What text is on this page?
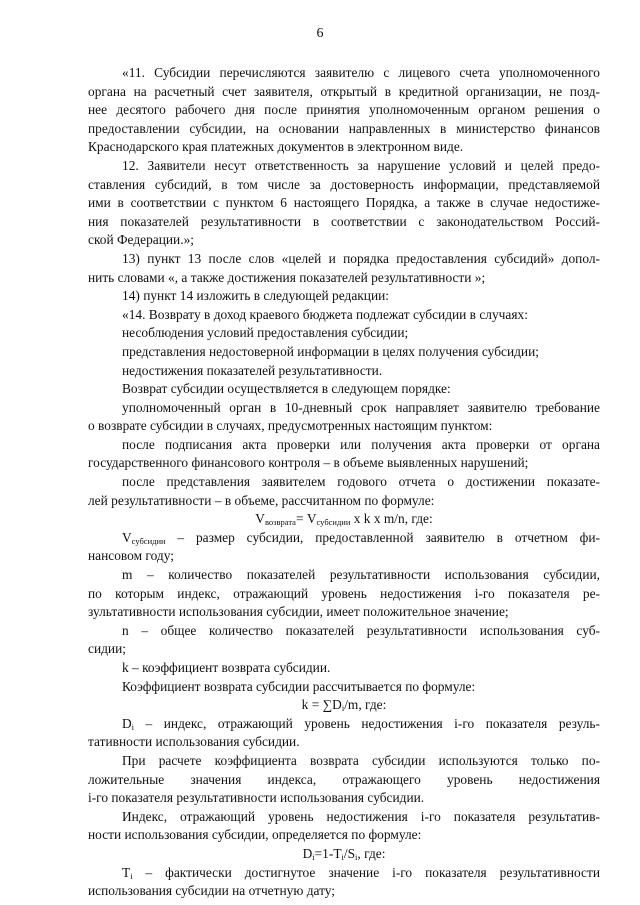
6
«11. Субсидии перечисляются заявителю с лицевого счета уполномоченного
органа на расчетный счет заявителя, открытый в кредитной организации, не позд-
нее десятого рабочего дня после принятия уполномоченным органом решения о
предоставлении субсидии, на основании направленных в министерство финансов
Краснодарского края платежных документов в электронном виде.
12. Заявители несут ответственность за нарушение условий и целей предо-
ставления субсидий, в том числе за достоверность информации, представляемой
ими в соответствии с пунктом 6 настоящего Порядка, а также в случае недостиже-
ния показателей результативности в соответствии с законодательством Россий-
ской Федерации.»;
13) пункт 13 после слов «целей и порядка предоставления субсидий» допол-
нить словами «, а также достижения показателей результативности »;
14) пункт 14 изложить в следующей редакции:
«14. Возврату в доход краевого бюджета подлежат субсидии в случаях:
несоблюдения условий предоставления субсидии;
представления недостоверной информации в целях получения субсидии;
недостижения показателей результативности.
Возврат субсидии осуществляется в следующем порядке:
уполномоченный орган в 10-дневный срок направляет заявителю требование
о возврате субсидии в случаях, предусмотренных настоящим пунктом:
после подписания акта проверки или получения акта проверки от органа
государственного финансового контроля – в объеме выявленных нарушений;
после представления заявителем годового отчета о достижении показате-
лей результативности – в объеме, рассчитанном по формуле:
$V_{возврата}= V_{субсидии}$ x k x m/n, где:
$V_{субсидии}$ – размер субсидии, предоставленной заявителю в отчетном фи-
нансовом году;
m – количество показателей результативности использования субсидии,
по которым индекс, отражающий уровень недостижения i-го показателя ре-
зультативности использования субсидии, имеет положительное значение;
n – общее количество показателей результативности использования суб-
сидии;
k – коэффициент возврата субсидии.
Коэффициент возврата субсидии рассчитывается по формуле:
$k = \sum D_i/m$, где:
$D_i$ – индекс, отражающий уровень недостижения i-го показателя резуль-
тативности использования субсидии.
При расчете коэффициента возврата субсидии используются только по-
ложительные значения индекса, отражающего уровень недостижения
i-го показателя результативности использования субсидии.
Индекс, отражающий уровень недостижения i-го показателя результатив-
ности использования субсидии, определяется по формуле:
$D_i=1-T_i/S_i$, где:
$T_i$ – фактически достигнутое значение i-го показателя результативности
использования субсидии на отчетную дату;
